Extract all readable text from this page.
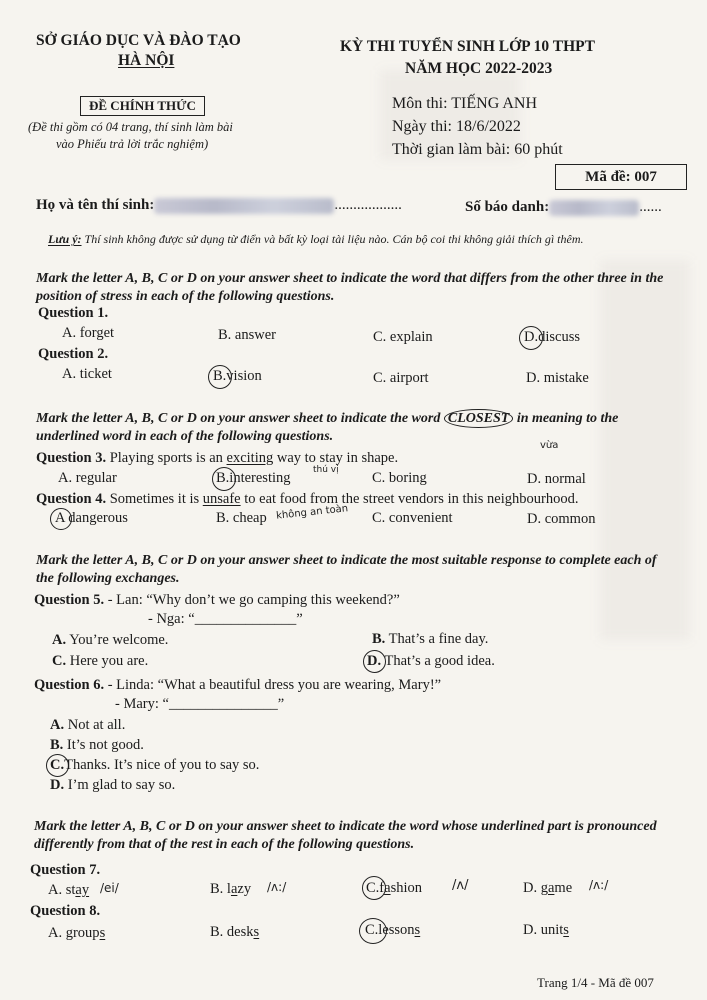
SỞ GIÁO DỤC VÀ ĐÀO TẠO
HÀ NỘI
ĐỀ CHÍNH THỨC
(Đề thi gồm có 04 trang, thí sinh làm bài
vào Phiếu trả lời trắc nghiệm)
KỲ THI TUYỂN SINH LỚP 10 THPT
NĂM HỌC 2022-2023
Môn thi: TIẾNG ANH
Ngày thi: 18/6/2022
Thời gian làm bài: 60 phút
Mã đề: 007
Họ và tên thí sinh:	..................	Số báo danh:	......
Lưu ý: Thí sinh không được sử dụng từ điển và bất kỳ loại tài liệu nào. Cán bộ coi thi không giải thích gì thêm.
Mark the letter A, B, C or D on your answer sheet to indicate the word that differs from the other three in the position of stress in each of the following questions.
Question 1.
A. forget	B. answer	C. explain	D.discuss
Question 2.
A. ticket	B.vision	C. airport	D. mistake
Mark the letter A, B, C or D on your answer sheet to indicate the word CLOSEST in meaning to the underlined word in each of the following questions.
vừa
Question 3. Playing sports is an exciting way to stay in shape.
A. regular	B.interesting thú vị C. boring	D. normal
Question 4. Sometimes it is unsafe to eat food from the street vendors in this neighbourhood.
A dangerous	B. cheap không an toàn C. convenient	D. common
Mark the letter A, B, C or D on your answer sheet to indicate the most suitable response to complete each of the following exchanges.
Question 5. - Lan: “Why don’t we go camping this weekend?”
- Nga: “______________”
A. You’re welcome.	B. That’s a fine day.
C. Here you are.	D. That’s a good idea.
Question 6. - Linda: “What a beautiful dress you are wearing, Mary!”
- Mary: “_______________”
A. Not at all.
B. It’s not good.
C.Thanks. It’s nice of you to say so.
D. I’m glad to say so.
Mark the letter A, B, C or D on your answer sheet to indicate the word whose underlined part is pronounced differently from that of the rest in each of the following questions.
Question 7.
A. stay /ei/	B. lazy /ʌ:/	C.fashion /ʌ/	D. game /ʌ:/
Question 8.
A. groups	B. desks	C.lessons	D. units
Trang 1/4 - Mã đề 007
